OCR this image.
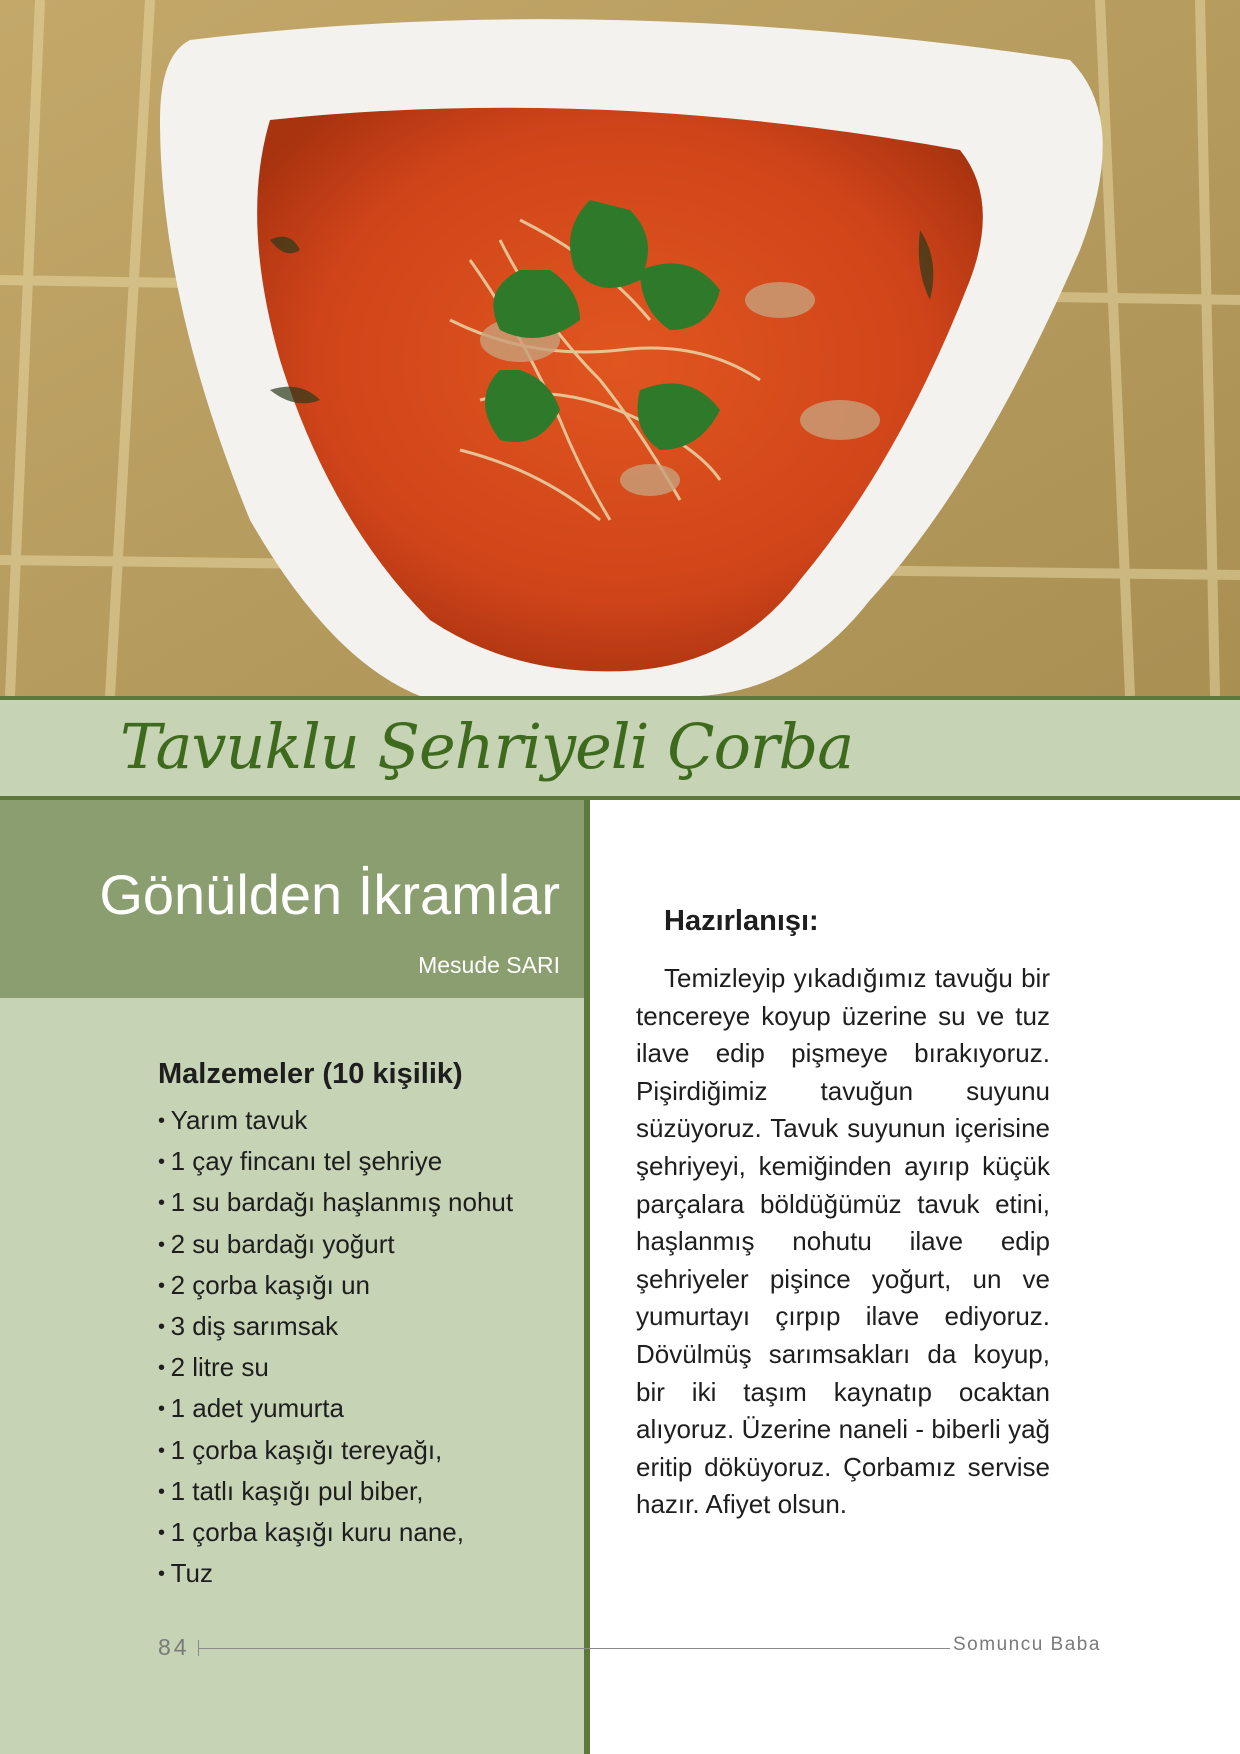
Tavuklu Şehriyeli Çorba
Gönülden İkramlar
Mesude SARI
Malzemeler (10 kişilik)
• Yarım tavuk
• 1 çay fincanı tel şehriye
• 1 su bardağı haşlanmış nohut
• 2 su bardağı yoğurt
• 2 çorba kaşığı un
• 3 diş sarımsak
• 2 litre su
• 1 adet yumurta
• 1 çorba kaşığı tereyağı,
• 1 tatlı kaşığı pul biber,
• 1 çorba kaşığı kuru nane,
• Tuz
Hazırlanışı:

Temizleyip yıkadığımız tavuğu bir tencereye koyup üzerine su ve tuz ilave edip pişmeye bırakıyoruz. Pişirdiğimiz tavuğun suyunu süzüyoruz. Tavuk suyunun içerisine şehriyeyi, kemiğinden ayırıp küçük parçalara böldüğümüz tavuk etini, haşlanmış nohutu ilave edip şehriyeler pişince yoğurt, un ve yumurtayı çırpıp ilave ediyoruz. Dövülmüş sarımsakları da koyup, bir iki taşım kaynatıp ocaktan alıyoruz. Üzerine naneli - biberli yağ eritip döküyoruz. Çorbamız servise hazır. Afiyet olsun.

84	Somuncu Baba
